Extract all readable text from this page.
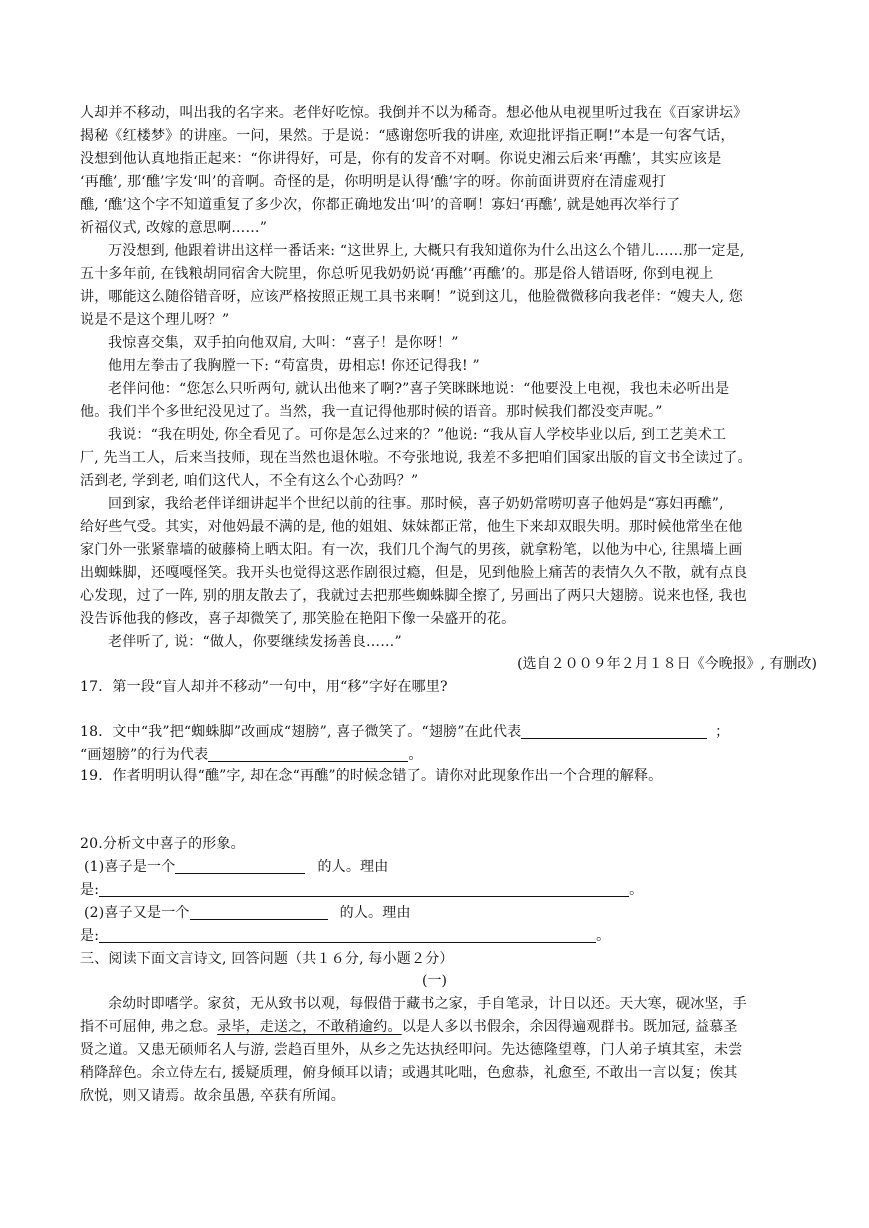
人却并不移动，叫出我的名字来。老伴好吃惊。我倒并不以为稀奇。想必他从电视里听过我在《百家讲坛》
揭秘《红楼梦》的讲座。一问，果然。于是说：“感谢您听我的讲座, 欢迎批评指正啊!”本是一句客气话，
没想到他认真地指正起来：“你讲得好，可是，你有的发音不对啊。你说史湘云后来‘再醮’，其实应该是
‘再醮’, 那‘醮’字发‘叫’的音啊。奇怪的是，你明明是认得‘醮’字的呀。你前面讲贾府在清虚观打
醮, ‘醮’这个字不知道重复了多少次，你都正确地发出‘叫’的音啊！寡妇‘再醮’, 就是她再次举行了
祈福仪式, 改嫁的意思啊……”
万没想到, 他跟着讲出这样一番话来: “这世界上, 大概只有我知道你为什么出这么个错儿……那一定是,
五十多年前, 在钱粮胡同宿舍大院里，你总听见我奶奶说‘再醮’‘再醮’的。那是俗人错语呀, 你到电视上
讲，哪能这么随俗错音呀，应该严格按照正规工具书来啊！”说到这儿，他脸微微移向我老伴：“嫂夫人, 您
说是不是这个理儿呀？”
我惊喜交集，双手拍向他双肩, 大叫：“喜子！是你呀！”
他用左拳击了我胸膛一下: “苟富贵，毋相忘! 你还记得我! ”
老伴问他：“您怎么只听两句, 就认出他来了啊?”喜子笑眯眯地说：“他要没上电视，我也未必听出是
他。我们半个多世纪没见过了。当然，我一直记得他那时候的语音。那时候我们都没变声呢。”
我说：“我在明处, 你全看见了。可你是怎么过来的？”他说: “我从盲人学校毕业以后, 到工艺美术工
厂, 先当工人，后来当技师，现在当然也退休啦。不夸张地说, 我差不多把咱们国家出版的盲文书全读过了。
活到老, 学到老, 咱们这代人，不全有这么个心劲吗？”
回到家，我给老伴详细讲起半个世纪以前的往事。那时候，喜子奶奶常唠叨喜子他妈是“寡妇再醮”,
给好些气受。其实，对他妈最不满的是, 他的姐姐、妹妹都正常，他生下来却双眼失明。那时候他常坐在他
家门外一张紧靠墙的破藤椅上晒太阳。有一次，我们几个淘气的男孩，就拿粉笔，以他为中心, 往黑墙上画
出蜘蛛脚，还嘎嘎怪笑。我开头也觉得这恶作剧很过瘾，但是，见到他脸上痛苦的表情久久不散，就有点良
心发现，过了一阵, 别的朋友散去了，我就过去把那些蜘蛛脚全擦了, 另画出了两只大翅膀。说来也怪, 我也
没告诉他我的修改，喜子却微笑了, 那笑脸在艳阳下像一朵盛开的花。
老伴听了, 说：“做人，你要继续发扬善良……”
(选自２００９年２月１８日《今晚报》, 有删改)
17．第一段“盲人却并不移动”一句中，用“移”字好在哪里?
18．文中“我”把“蜘蛛脚”改画成“翅膀”, 喜子微笑了。“翅膀”在此代表	；
“画翅膀”的行为代表	。
19．作者明明认得“醮”字, 却在念“再醮”的时候念错了。请你对此现象作出一个合理的解释。
20.分析文中喜子的形象。
(1)喜子是一个	的人。理由
是:	。
(2)喜子又是一个	的人。理由
是:	。
三、阅读下面文言诗文, 回答问题（共１６分, 每小题２分）
(一)
余幼时即嗜学。家贫，无从致书以观，每假借于藏书之家，手自笔录，计日以还。天大寒，砚冰坚，手
指不可屈伸, 弗之怠。录毕，走送之，不敢稍逾约。以是人多以书假余，余因得遍观群书。既加冠, 益慕圣
贤之道。又患无硕师名人与游, 尝趋百里外，从乡之先达执经叩问。先达德隆望尊，门人弟子填其室，未尝
稍降辞色。余立侍左右, 援疑质理，俯身倾耳以请；或遇其叱咄，色愈恭，礼愈至, 不敢出一言以复；俟其
欣悦，则又请焉。故余虽愚, 卒获有所闻。
